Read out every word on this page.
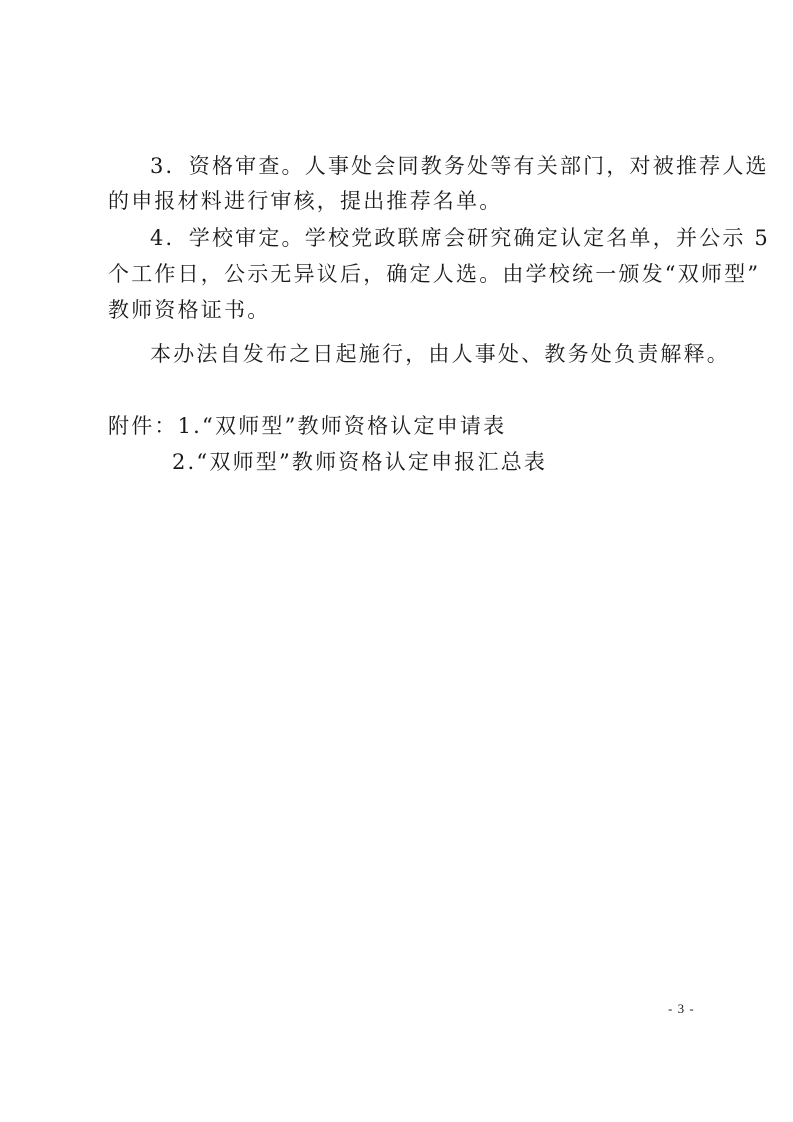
3．资格审查。人事处会同教务处等有关部门，对被推荐人选
的申报材料进行审核，提出推荐名单。
4．学校审定。学校党政联席会研究确定认定名单，并公示 5
个工作日，公示无异议后，确定人选。由学校统一颁发“双师型”
教师资格证书。
本办法自发布之日起施行，由人事处、教务处负责解释。
附件：1.“双师型”教师资格认定申请表
2.“双师型”教师资格认定申报汇总表
- 3 -
